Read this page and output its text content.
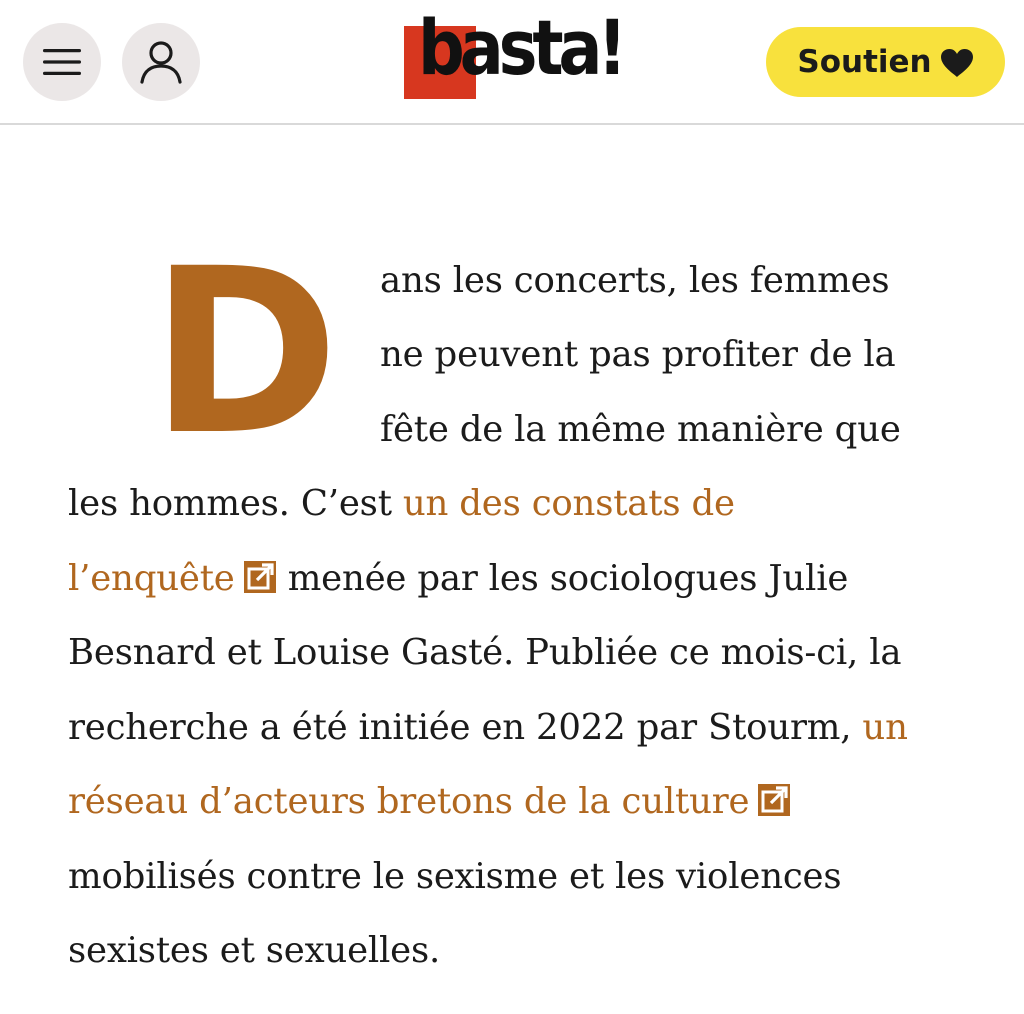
basta!	Soutien
D ans les concerts, les femmes
ne peuvent pas profiter de la
fête de la même manière que
les hommes. C’est un des constats de
l’enquête menée par les sociologues Julie
Besnard et Louise Gasté. Publiée ce mois-ci, la
recherche a été initiée en 2022 par Stourm, un
réseau d’acteurs bretons de la culture
mobilisés contre le sexisme et les violences
sexistes et sexuelles.
